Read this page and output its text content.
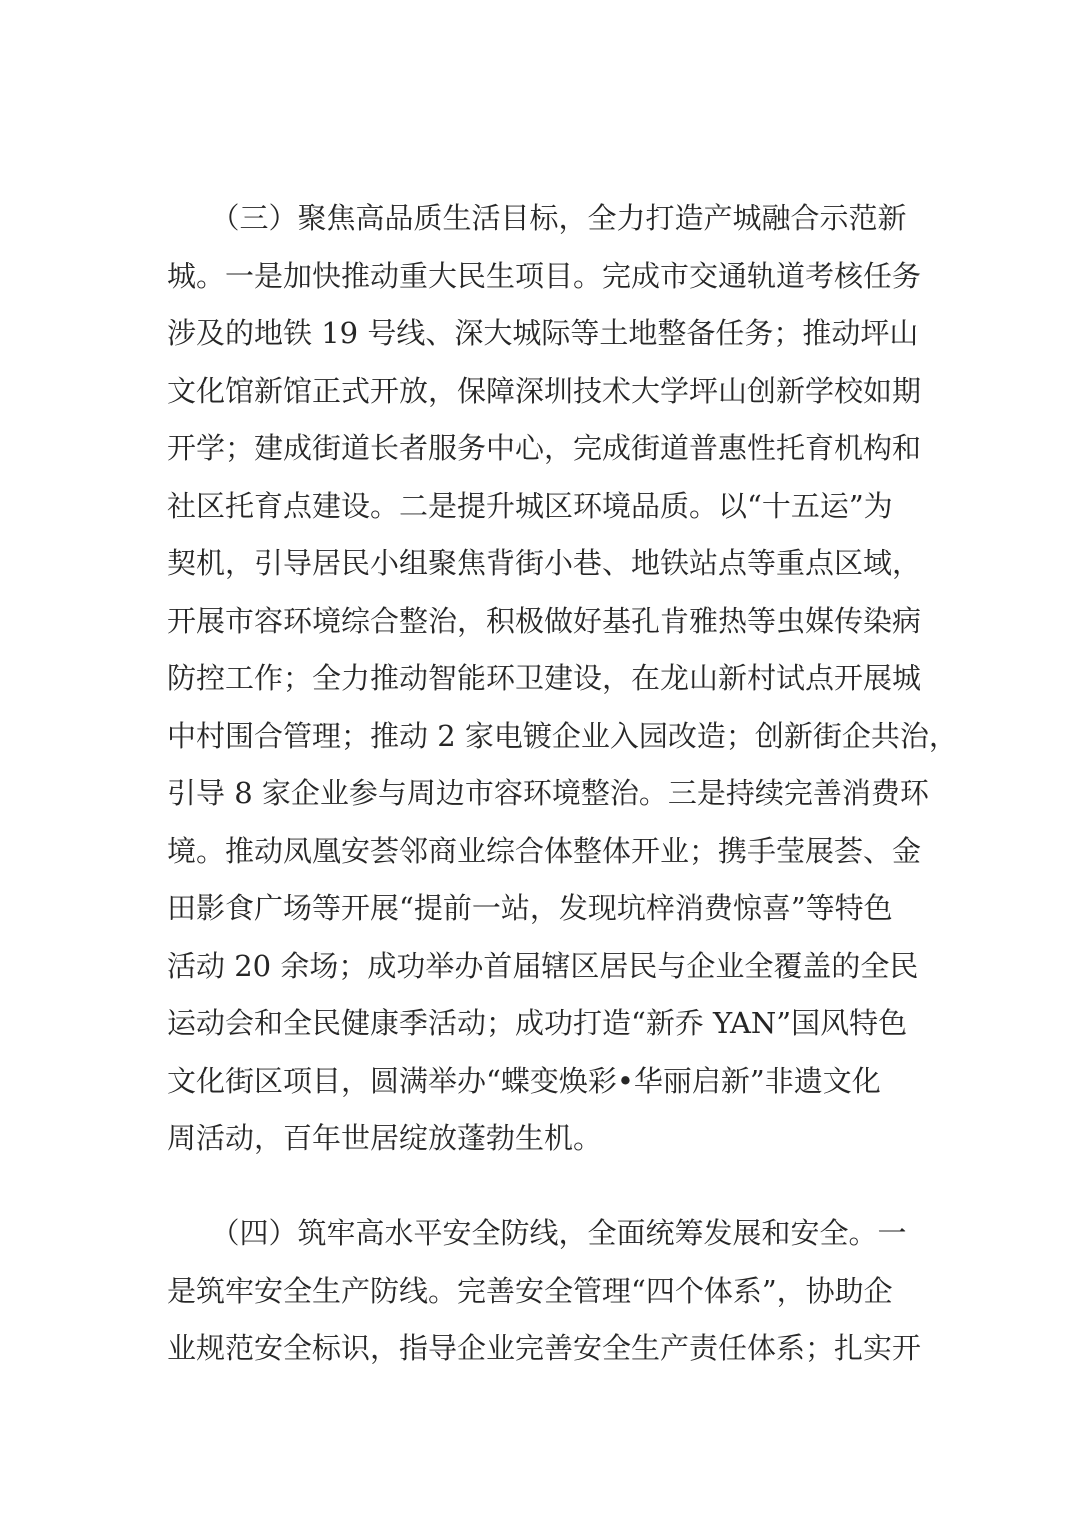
　　（三）聚焦高品质生活目标，全力打造产城融合示范新
城。一是加快推动重大民生项目。完成市交通轨道考核任务
涉及的地铁 19 号线、深大城际等土地整备任务；推动坪山
文化馆新馆正式开放，保障深圳技术大学坪山创新学校如期
开学；建成街道长者服务中心，完成街道普惠性托育机构和
社区托育点建设。二是提升城区环境品质。以“十五运”为
契机，引导居民小组聚焦背街小巷、地铁站点等重点区域，
开展市容环境综合整治，积极做好基孔肯雅热等虫媒传染病
防控工作；全力推动智能环卫建设，在龙山新村试点开展城
中村围合管理；推动 2 家电镀企业入园改造；创新街企共治，
引导 8 家企业参与周边市容环境整治。三是持续完善消费环
境。推动凤凰安荟邻商业综合体整体开业；携手莹展荟、金
田影食广场等开展“提前一站，发现坑梓消费惊喜”等特色
活动 20 余场；成功举办首届辖区居民与企业全覆盖的全民
运动会和全民健康季活动；成功打造“新乔 YAN”国风特色
文化街区项目，圆满举办“蝶变焕彩•华丽启新”非遗文化
周活动，百年世居绽放蓬勃生机。
　　（四）筑牢高水平安全防线，全面统筹发展和安全。一
是筑牢安全生产防线。完善安全管理“四个体系”，协助企
业规范安全标识，指导企业完善安全生产责任体系；扎实开
